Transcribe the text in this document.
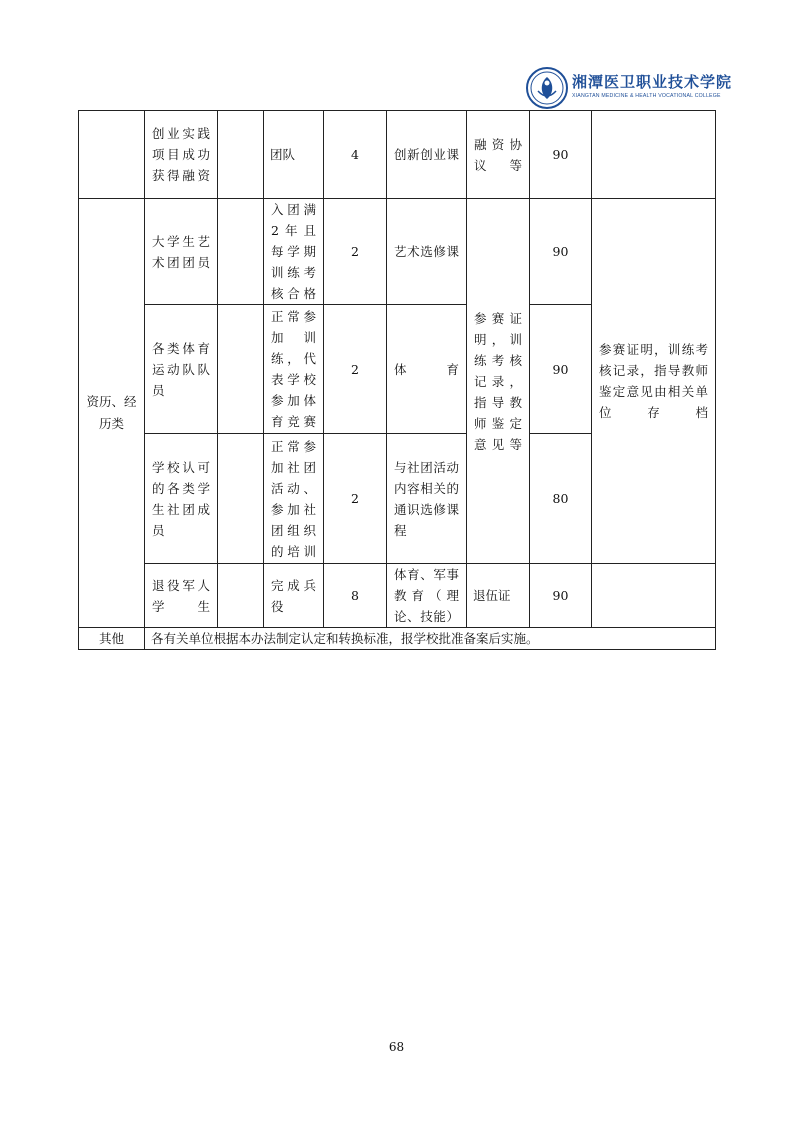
湘潭医卫职业技术学院
XIANGTAN MEDICINE & HEALTH VOCATIONAL COLLEGE
	创业实践项目成功获得融资		团队	4	创新创业课	融资协议等	90	
资历、经历类	大学生艺术团团员		入团满2年且每学期训练考核合格	2	艺术选修课	参赛证明，训练考核记录，指导教师鉴定意见等	90	参赛证明，训练考核记录，指导教师鉴定意见由相关单位存档
	各类体育运动队队员		正常参加训练，代表学校参加体育竞赛	2	体育		90	
	学校认可的各类学生社团成员		正常参加社团活动、参加社团组织的培训	2	与社团活动内容相关的通识选修课程		80	
	退役军人学生		完成兵役	8	体育、军事教育（理论、技能）	退伍证	90	
其他	各有关单位根据本办法制定认定和转换标准，报学校批准备案后实施。							
68
